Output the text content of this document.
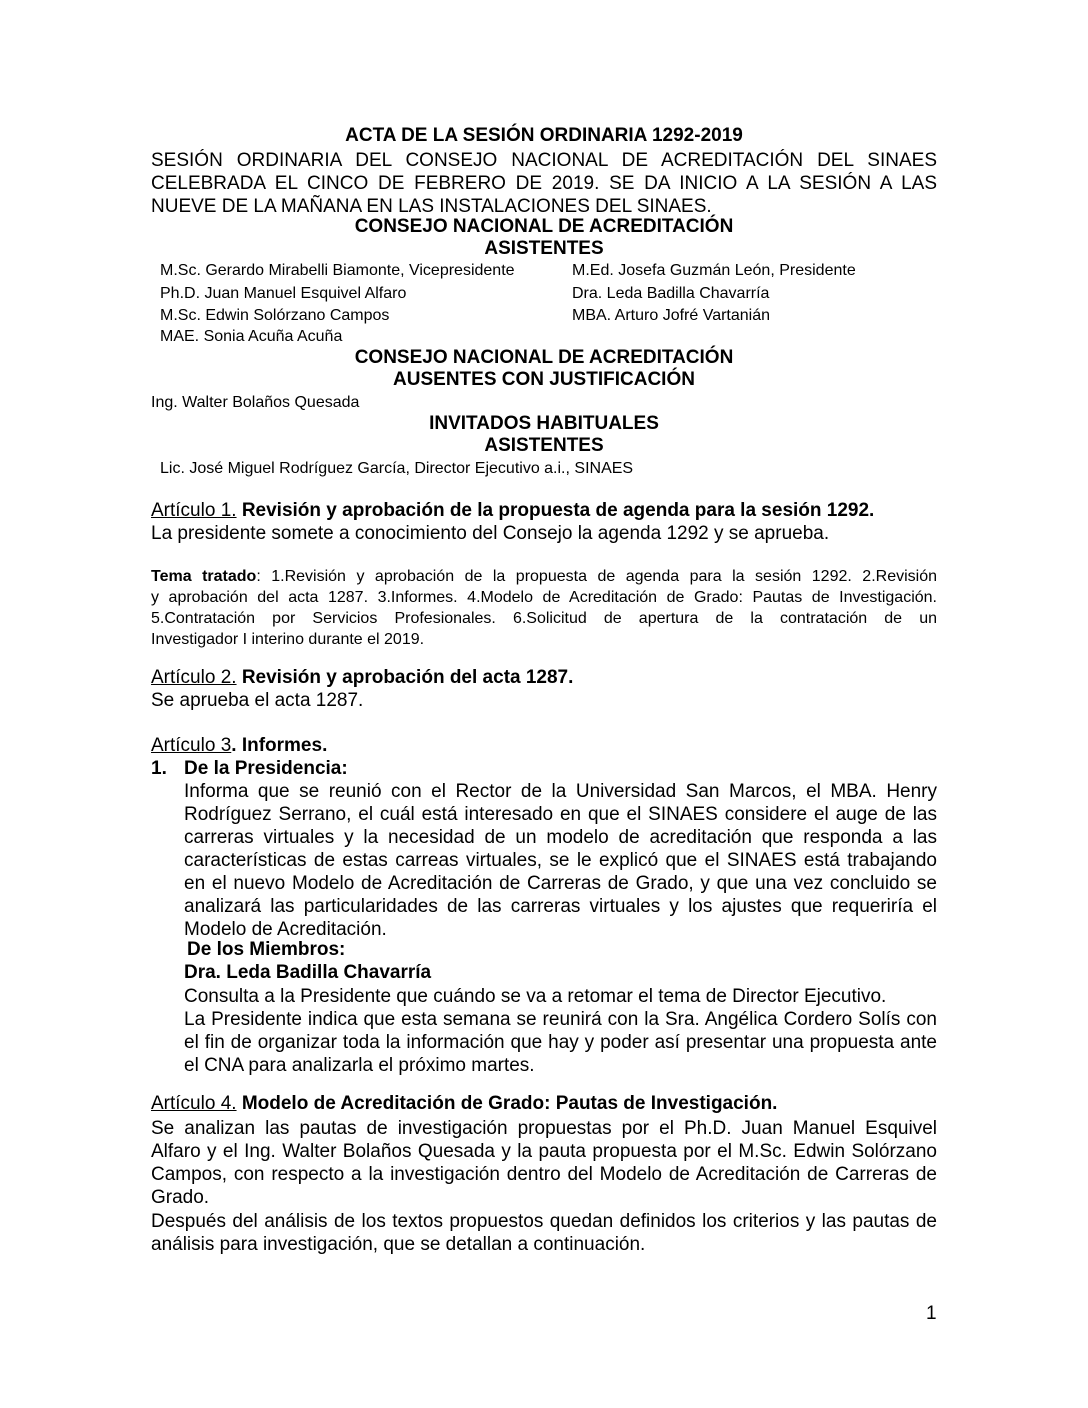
ACTA DE LA SESIÓN ORDINARIA 1292-2019

SESIÓN ORDINARIA DEL CONSEJO NACIONAL DE ACREDITACIÓN DEL SINAES
CELEBRADA EL CINCO DE FEBRERO DE 2019. SE DA INICIO A LA SESIÓN A LAS
NUEVE DE LA MAÑANA EN LAS INSTALACIONES DEL SINAES.

CONSEJO NACIONAL DE ACREDITACIÓN

ASISTENTES

M.Sc. Gerardo Mirabelli Biamonte, Vicepresidente

Ph.D. Juan Manuel Esquivel Alfaro

M.Sc. Edwin Solórzano Campos

MAE. Sonia Acuña Acuña

M.Ed. Josefa Guzmán León, Presidente

Dra. Leda Badilla Chavarría

MBA. Arturo Jofré Vartanián

CONSEJO NACIONAL DE ACREDITACIÓN

AUSENTES CON JUSTIFICACIÓN

Ing. Walter Bolaños Quesada

INVITADOS HABITUALES

ASISTENTES

Lic. José Miguel Rodríguez García, Director Ejecutivo a.i., SINAES

Artículo 1. Revisión y aprobación de la propuesta de agenda para la sesión 1292.

La presidente somete a conocimiento del Consejo la agenda 1292 y se aprueba.

Tema tratado: 1.Revisión y aprobación de la propuesta de agenda para la sesión 1292. 2.Revisión
y aprobación del acta 1287. 3.Informes. 4.Modelo de Acreditación de Grado: Pautas de Investigación.
5.Contratación por Servicios Profesionales. 6.Solicitud de apertura de la contratación de un
Investigador I interino durante el 2019.

Artículo 2. Revisión y aprobación del acta 1287.

Se aprueba el acta 1287.

Artículo 3. Informes.

1. De la Presidencia:

Informa que se reunió con el Rector de la Universidad San Marcos, el MBA. Henry
Rodríguez Serrano, el cuál está interesado en que el SINAES considere el auge de las
carreras virtuales y la necesidad de un modelo de acreditación que responda a las
características de estas carreas virtuales, se le explicó que el SINAES está trabajando
en el nuevo Modelo de Acreditación de Carreras de Grado, y que una vez concluido se
analizará las particularidades de las carreras virtuales y los ajustes que requeriría el
Modelo de Acreditación.

De los Miembros:

Dra. Leda Badilla Chavarría

Consulta a la Presidente que cuándo se va a retomar el tema de Director Ejecutivo.
La Presidente indica que esta semana se reunirá con la Sra. Angélica Cordero Solís con
el fin de organizar toda la información que hay y poder así presentar una propuesta ante
el CNA para analizarla el próximo martes.

Artículo 4. Modelo de Acreditación de Grado: Pautas de Investigación.

Se analizan las pautas de investigación propuestas por el Ph.D. Juan Manuel Esquivel
Alfaro y el Ing. Walter Bolaños Quesada y la pauta propuesta por el M.Sc. Edwin Solórzano
Campos, con respecto a la investigación dentro del Modelo de Acreditación de Carreras de
Grado.
Después del análisis de los textos propuestos quedan definidos los criterios y las pautas de
análisis para investigación, que se detallan a continuación.

1
